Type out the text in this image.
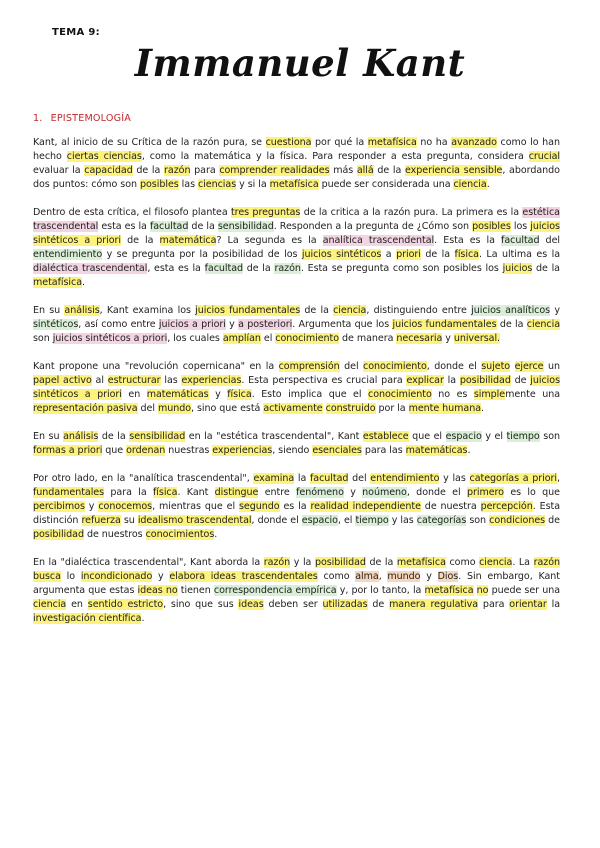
TEMA 9:
Immanuel Kant
1. EPISTEMOLOGÍA

Kant, al inicio de su Crítica de la razón pura, se cuestiona por qué la metafísica no ha avanzado como lo han hecho ciertas ciencias, como la matemática y la física. Para responder a esta pregunta, considera crucial evaluar la capacidad de la razón para comprender realidades más allá de la experiencia sensible, abordando dos puntos: cómo son posibles las ciencias y si la metafísica puede ser considerada una ciencia.

Dentro de esta crítica, el filosofo plantea tres preguntas de la critica a la razón pura. La primera es la estética trascendental esta es la facultad de la sensibilidad. Responden a la pregunta de ¿Cómo son posibles los juicios sintéticos a priori de la matemática? La segunda es la analítica trascendental. Esta es la facultad del entendimiento y se pregunta por la posibilidad de los juicios sintéticos a priori de la física. La ultima es la dialéctica trascendental, esta es la facultad de la razón. Esta se pregunta como son posibles los juicios de la metafísica.

En su análisis, Kant examina los juicios fundamentales de la ciencia, distinguiendo entre juicios analíticos y sintéticos, así como entre juicios a priori y a posteriori. Argumenta que los juicios fundamentales de la ciencia son juicios sintéticos a priori, los cuales amplían el conocimiento de manera necesaria y universal.

Kant propone una "revolución copernicana" en la comprensión del conocimiento, donde el sujeto ejerce un papel activo al estructurar las experiencias. Esta perspectiva es crucial para explicar la posibilidad de juicios sintéticos a priori en matemáticas y física. Esto implica que el conocimiento no es simplemente una representación pasiva del mundo, sino que está activamente construido por la mente humana.

En su análisis de la sensibilidad en la "estética trascendental", Kant establece que el espacio y el tiempo son formas a priori que ordenan nuestras experiencias, siendo esenciales para las matemáticas.

Por otro lado, en la "analítica trascendental", examina la facultad del entendimiento y las categorías a priori, fundamentales para la física. Kant distingue entre fenómeno y noúmeno, donde el primero es lo que percibimos y conocemos, mientras que el segundo es la realidad independiente de nuestra percepción. Esta distinción refuerza su idealismo trascendental, donde el espacio, el tiempo y las categorías son condiciones de posibilidad de nuestros conocimientos.

En la "dialéctica trascendental", Kant aborda la razón y la posibilidad de la metafísica como ciencia. La razón busca lo incondicionado y elabora ideas trascendentales como alma, mundo y Dios. Sin embargo, Kant argumenta que estas ideas no tienen correspondencia empírica y, por lo tanto, la metafísica no puede ser una ciencia en sentido estricto, sino que sus ideas deben ser utilizadas de manera regulativa para orientar la investigación científica.
